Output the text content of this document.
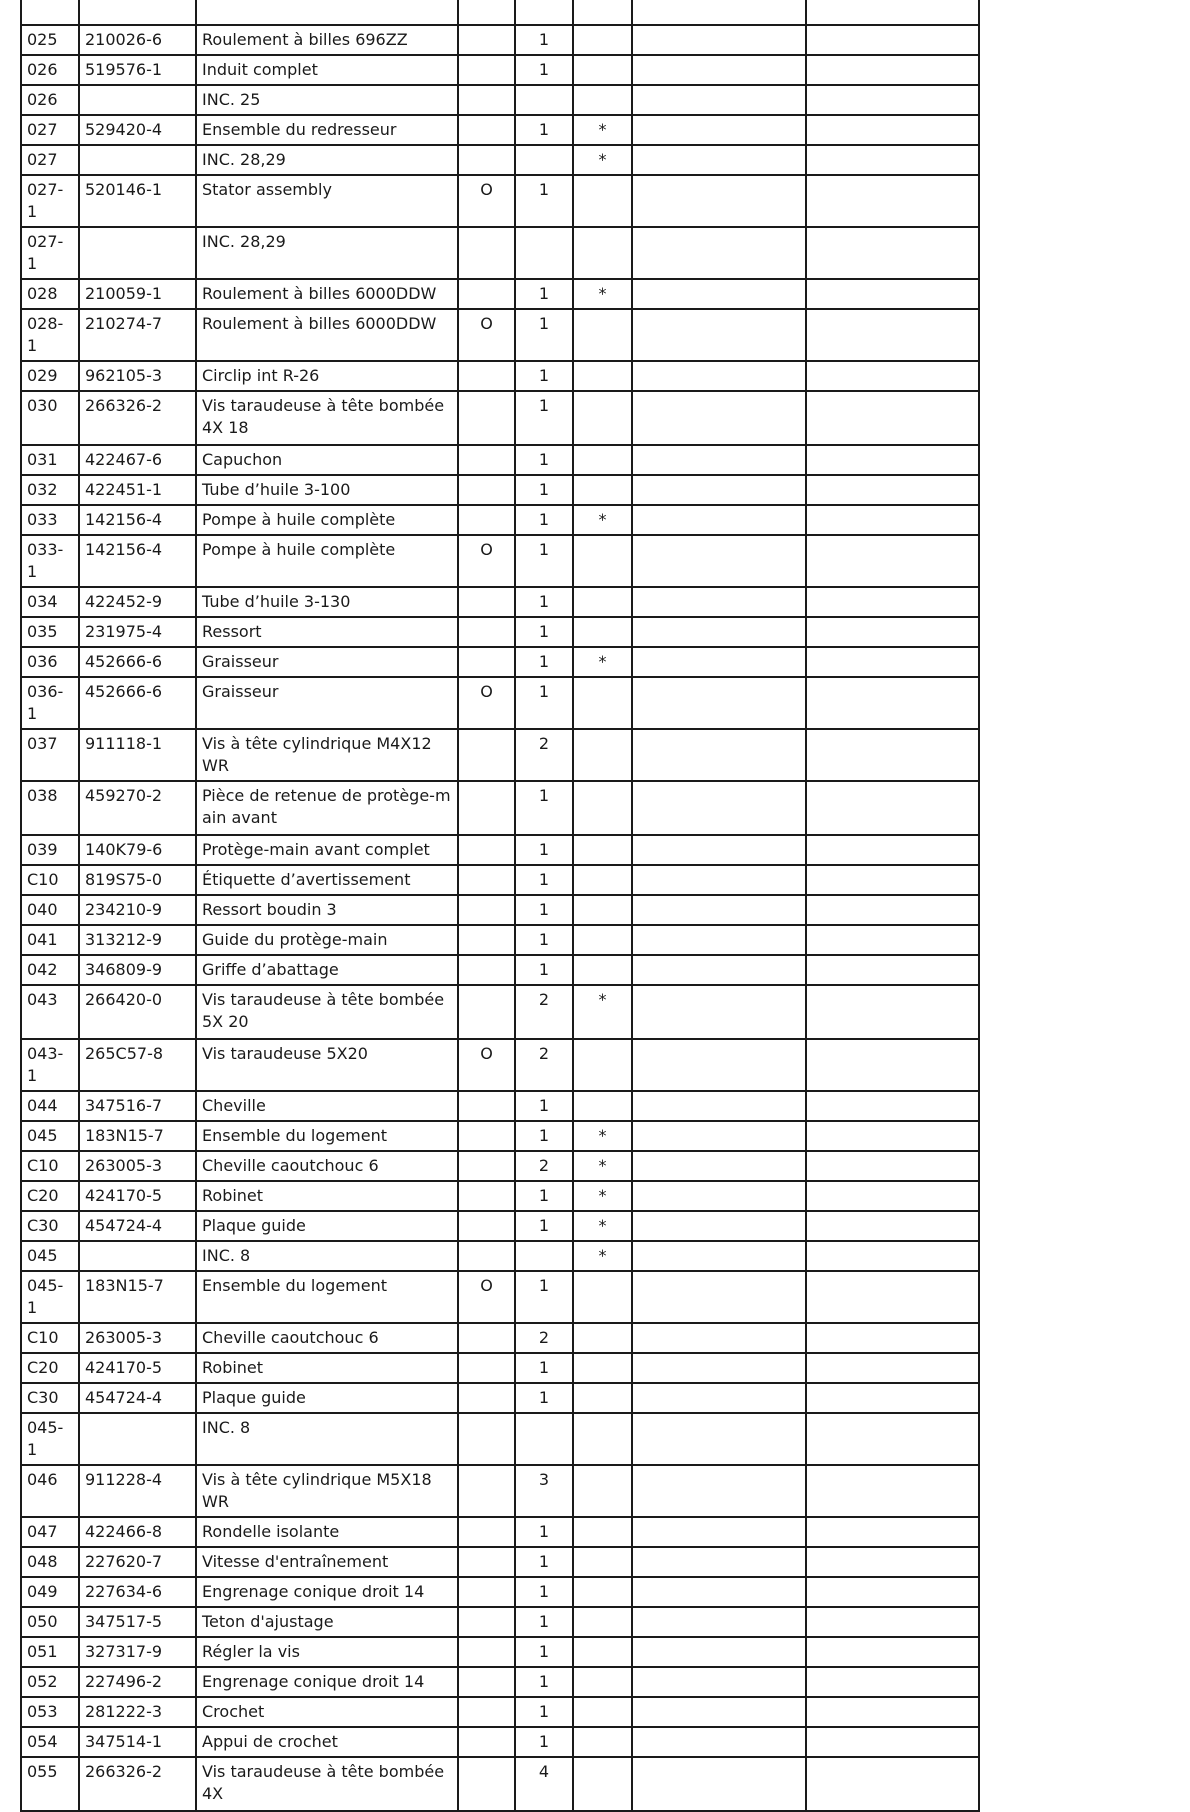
025	210026-6	Roulement à billes 696ZZ		1			
026	519576-1	Induit complet		1			
026		INC. 25					
027	529420-4	Ensemble du redresseur		1	*		
027		INC. 28,29			*		
027-1	520146-1	Stator assembly	O	1			
027-1		INC. 28,29					
028	210059-1	Roulement à billes 6000DDW		1	*		
028-1	210274-7	Roulement à billes 6000DDW	O	1			
029	962105-3	Circlip int R-26		1			
030	266326-2	Vis taraudeuse à tête bombée 4X 18		1			
031	422467-6	Capuchon		1			
032	422451-1	Tube d’huile 3-100		1			
033	142156-4	Pompe à huile complète		1	*		
033-1	142156-4	Pompe à huile complète	O	1			
034	422452-9	Tube d’huile 3-130		1			
035	231975-4	Ressort		1			
036	452666-6	Graisseur		1	*		
036-1	452666-6	Graisseur	O	1			
037	911118-1	Vis à tête cylindrique M4X12 WR		2			
038	459270-2	Pièce de retenue de protège-main avant		1			
039	140K79-6	Protège-main avant complet		1			
C10	819S75-0	Étiquette d’avertissement		1			
040	234210-9	Ressort boudin 3		1			
041	313212-9	Guide du protège-main		1			
042	346809-9	Griffe d’abattage		1			
043	266420-0	Vis taraudeuse à tête bombée 5X 20		2	*		
043-1	265C57-8	Vis taraudeuse 5X20	O	2			
044	347516-7	Cheville		1			
045	183N15-7	Ensemble du logement		1	*		
C10	263005-3	Cheville caoutchouc 6		2	*		
C20	424170-5	Robinet		1	*		
C30	454724-4	Plaque guide		1	*		
045		INC. 8			*		
045-1	183N15-7	Ensemble du logement	O	1			
C10	263005-3	Cheville caoutchouc 6		2			
C20	424170-5	Robinet		1			
C30	454724-4	Plaque guide		1			
045-1		INC. 8					
046	911228-4	Vis à tête cylindrique M5X18 WR		3			
047	422466-8	Rondelle isolante		1			
048	227620-7	Vitesse d'entraînement		1			
049	227634-6	Engrenage conique droit 14		1			
050	347517-5	Teton d'ajustage		1			
051	327317-9	Régler la vis		1			
052	227496-2	Engrenage conique droit 14		1			
053	281222-3	Crochet		1			
054	347514-1	Appui de crochet		1			
055	266326-2	Vis taraudeuse à tête bombée 4X		4			
